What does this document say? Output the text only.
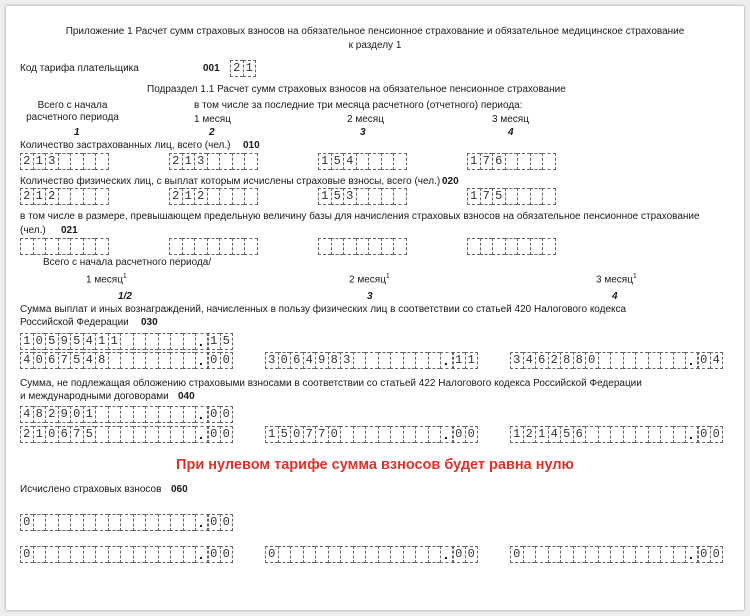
Приложение 1 Расчет сумм страховых взносов на обязательное пенсионное страхование и обязательное медицинское страхование
к разделу 1
Код тарифа плательщика	001 2 1
Подраздел 1.1 Расчет сумм страховых взносов на обязательное пенсионное страхование
Всего с начала
расчетного периода
в том числе за последние три месяца расчетного (отчетного) периода:
1 месяц	2 месяц	3 месяц
1	2	3	4
Количество застрахованных лиц, всего (чел.) 010
2 1 3	2 1 3	1 5 4	1 7 6
Количество физических лиц, с выплат которым исчислены страховые взносы, всего (чел.) 020
2 1 2	2 1 2	1 5 3	1 7 5
в том числе в размере, превышающем предельную величину базы для начисления страховых взносов на обязательное пенсионное страхование
(чел.) 021
Всего с начала расчетного периода/
1 месяц$^1$	2 месяц$^1$	3 месяц$^1$
1/2	3	4
Сумма выплат и иных вознаграждений, начисленных в пользу физических лиц в соответствии со статьей 420 Налогового кодекса
Российской Федерации 030
1 0 5 9 5 4 1 1	. 1 5
4 0 6 7 5 4 8	. 0 0	3 0 6 4 9 8 3	. 1 1	3 4 6 2 8 8 0	. 0 4
Сумма, не подлежащая обложению страховыми взносами в соответствии со статьей 422 Налогового кодекса Российской Федерации
и международными договорами 040
4 8 2 9 0 1	. 0 0
2 1 0 6 7 5	. 0 0	1 5 0 7 7 0	. 0 0	1 2 1 4 5 6	. 0 0
При нулевом тарифе сумма взносов будет равна нулю
Исчислено страховых взносов 060
0	. 0 0
0	. 0 0	0	. 0 0	0	. 0 0
